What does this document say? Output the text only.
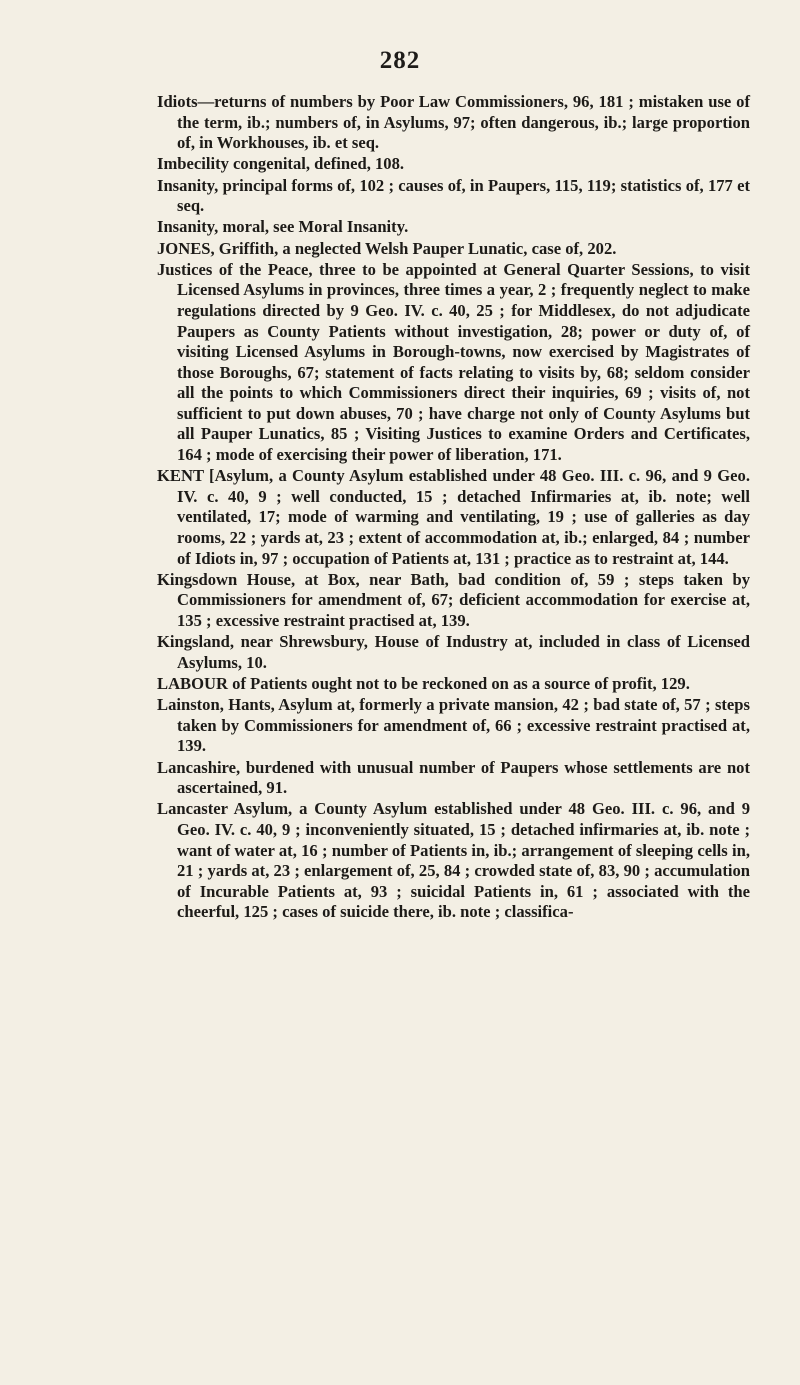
282

Idiots—returns of numbers by Poor Law Commissioners, 96, 181 ; mistaken use of the term, ib.; numbers of, in Asylums, 97; often dangerous, ib.; large proportion of, in Workhouses, ib. et seq.

Imbecility congenital, defined, 108.

Insanity, principal forms of, 102 ; causes of, in Paupers, 115, 119; statistics of, 177 et seq.

Insanity, moral, see Moral Insanity.

JONES, Griffith, a neglected Welsh Pauper Lunatic, case of, 202.

Justices of the Peace, three to be appointed at General Quarter Sessions, to visit Licensed Asylums in provinces, three times a year, 2 ; frequently neglect to make regulations directed by 9 Geo. IV. c. 40, 25 ; for Middlesex, do not adjudicate Paupers as County Patients without investigation, 28; power or duty of, of visiting Licensed Asylums in Borough-towns, now exercised by Magistrates of those Boroughs, 67; statement of facts relating to visits by, 68; seldom consider all the points to which Commissioners direct their inquiries, 69 ; visits of, not sufficient to put down abuses, 70 ; have charge not only of County Asylums but all Pauper Lunatics, 85 ; Visiting Justices to examine Orders and Certificates, 164 ; mode of exercising their power of liberation, 171.

KENT [Asylum, a County Asylum established under 48 Geo. III. c. 96, and 9 Geo. IV. c. 40, 9 ; well conducted, 15 ; detached Infirmaries at, ib. note; well ventilated, 17; mode of warming and ventilating, 19 ; use of galleries as day rooms, 22 ; yards at, 23 ; extent of accommodation at, ib.; enlarged, 84 ; number of Idiots in, 97 ; occupation of Patients at, 131 ; practice as to restraint at, 144.

Kingsdown House, at Box, near Bath, bad condition of, 59 ; steps taken by Commissioners for amendment of, 67; deficient accommodation for exercise at, 135 ; excessive restraint practised at, 139.

Kingsland, near Shrewsbury, House of Industry at, included in class of Licensed Asylums, 10.

LABOUR of Patients ought not to be reckoned on as a source of profit, 129.

Lainston, Hants, Asylum at, formerly a private mansion, 42 ; bad state of, 57 ; steps taken by Commissioners for amendment of, 66 ; excessive restraint practised at, 139.

Lancashire, burdened with unusual number of Paupers whose settlements are not ascertained, 91.

Lancaster Asylum, a County Asylum established under 48 Geo. III. c. 96, and 9 Geo. IV. c. 40, 9 ; inconveniently situated, 15 ; detached infirmaries at, ib. note ; want of water at, 16 ; number of Patients in, ib.; arrangement of sleeping cells in, 21 ; yards at, 23 ; enlargement of, 25, 84 ; crowded state of, 83, 90 ; accumulation of Incurable Patients at, 93 ; suicidal Patients in, 61 ; associated with the cheerful, 125 ; cases of suicide there, ib. note ; classifica-
